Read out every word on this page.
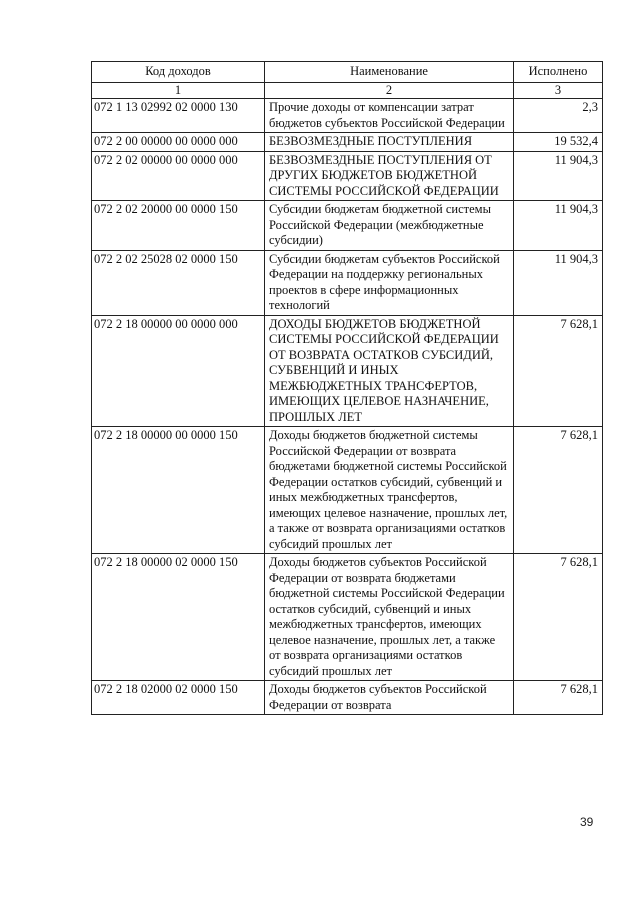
Код доходов	Наименование	Исполнено
1	2	3
072 1 13 02992 02 0000 130	Прочие доходы от компенсации затрат бюджетов субъектов Российской Федерации	2,3
072 2 00 00000 00 0000 000	БЕЗВОЗМЕЗДНЫЕ ПОСТУПЛЕНИЯ	19 532,4
072 2 02 00000 00 0000 000	БЕЗВОЗМЕЗДНЫЕ ПОСТУПЛЕНИЯ ОТ ДРУГИХ БЮДЖЕТОВ БЮДЖЕТНОЙ СИСТЕМЫ РОССИЙСКОЙ ФЕДЕРАЦИИ	11 904,3
072 2 02 20000 00 0000 150	Субсидии бюджетам бюджетной системы Российской Федерации (межбюджетные субсидии)	11 904,3
072 2 02 25028 02 0000 150	Субсидии бюджетам субъектов Российской Федерации на поддержку региональных проектов в сфере информационных технологий	11 904,3
072 2 18 00000 00 0000 000	ДОХОДЫ БЮДЖЕТОВ БЮДЖЕТНОЙ СИСТЕМЫ РОССИЙСКОЙ ФЕДЕРАЦИИ ОТ ВОЗВРАТА ОСТАТКОВ СУБСИДИЙ, СУБВЕНЦИЙ И ИНЫХ МЕЖБЮДЖЕТНЫХ ТРАНСФЕРТОВ, ИМЕЮЩИХ ЦЕЛЕВОЕ НАЗНАЧЕНИЕ, ПРОШЛЫХ ЛЕТ	7 628,1
072 2 18 00000 00 0000 150	Доходы бюджетов бюджетной системы Российской Федерации от возврата бюджетами бюджетной системы Российской Федерации остатков субсидий, субвенций и иных межбюджетных трансфертов, имеющих целевое назначение, прошлых лет, а также от возврата организациями остатков субсидий прошлых лет	7 628,1
072 2 18 00000 02 0000 150	Доходы бюджетов субъектов Российской Федерации от возврата бюджетами бюджетной системы Российской Федерации остатков субсидий, субвенций и иных межбюджетных трансфертов, имеющих целевое назначение, прошлых лет, а также от возврата организациями остатков субсидий прошлых лет	7 628,1
072 2 18 02000 02 0000 150	Доходы бюджетов субъектов Российской Федерации от возврата	7 628,1
39
